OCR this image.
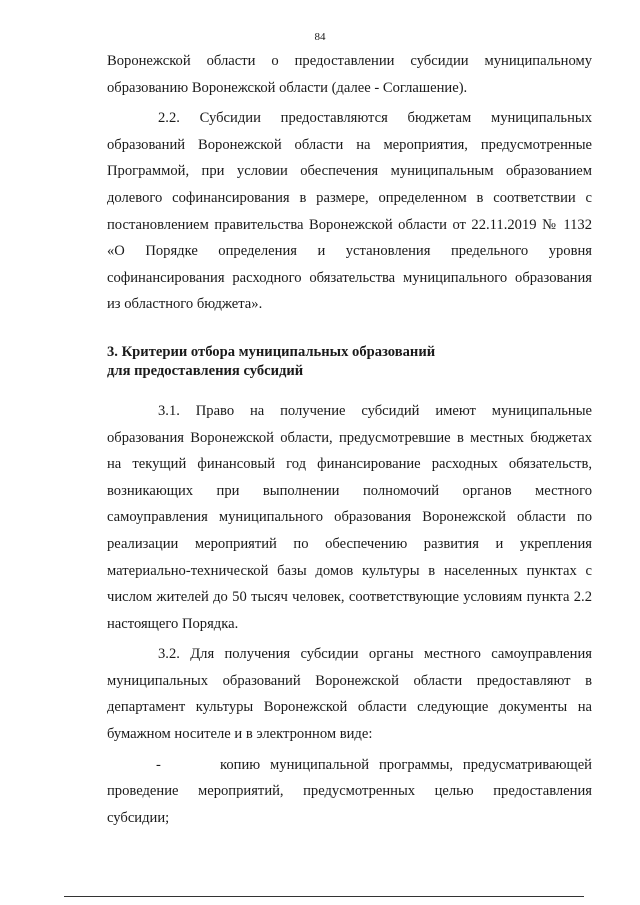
84

Воронежской области о предоставлении субсидии муниципальному образованию Воронежской области (далее - Соглашение).

2.2. Субсидии предоставляются бюджетам муниципальных образований Воронежской области на мероприятия, предусмотренные Программой, при условии обеспечения муниципальным образованием долевого софинансирования в размере, определенном в соответствии с постановлением правительства Воронежской области от 22.11.2019 № 1132 «О Порядке определения и установления предельного уровня софинансирования расходного обязательства муниципального образования из областного бюджета».

3. Критерии отбора муниципальных образований
для предоставления субсидий

3.1. Право на получение субсидий имеют муниципальные образования Воронежской области, предусмотревшие в местных бюджетах на текущий финансовый год финансирование расходных обязательств, возникающих при выполнении полномочий органов местного самоуправления муниципального образования Воронежской области по реализации мероприятий по обеспечению развития и укрепления материально-технической базы домов культуры в населенных пунктах с числом жителей до 50 тысяч человек, соответствующие условиям пункта 2.2 настоящего Порядка.

3.2. Для получения субсидии органы местного самоуправления муниципальных образований Воронежской области предоставляют в департамент культуры Воронежской области следующие документы на бумажном носителе и в электронном виде:

-	копию муниципальной программы, предусматривающей проведение мероприятий, предусмотренных целью предоставления субсидии;
